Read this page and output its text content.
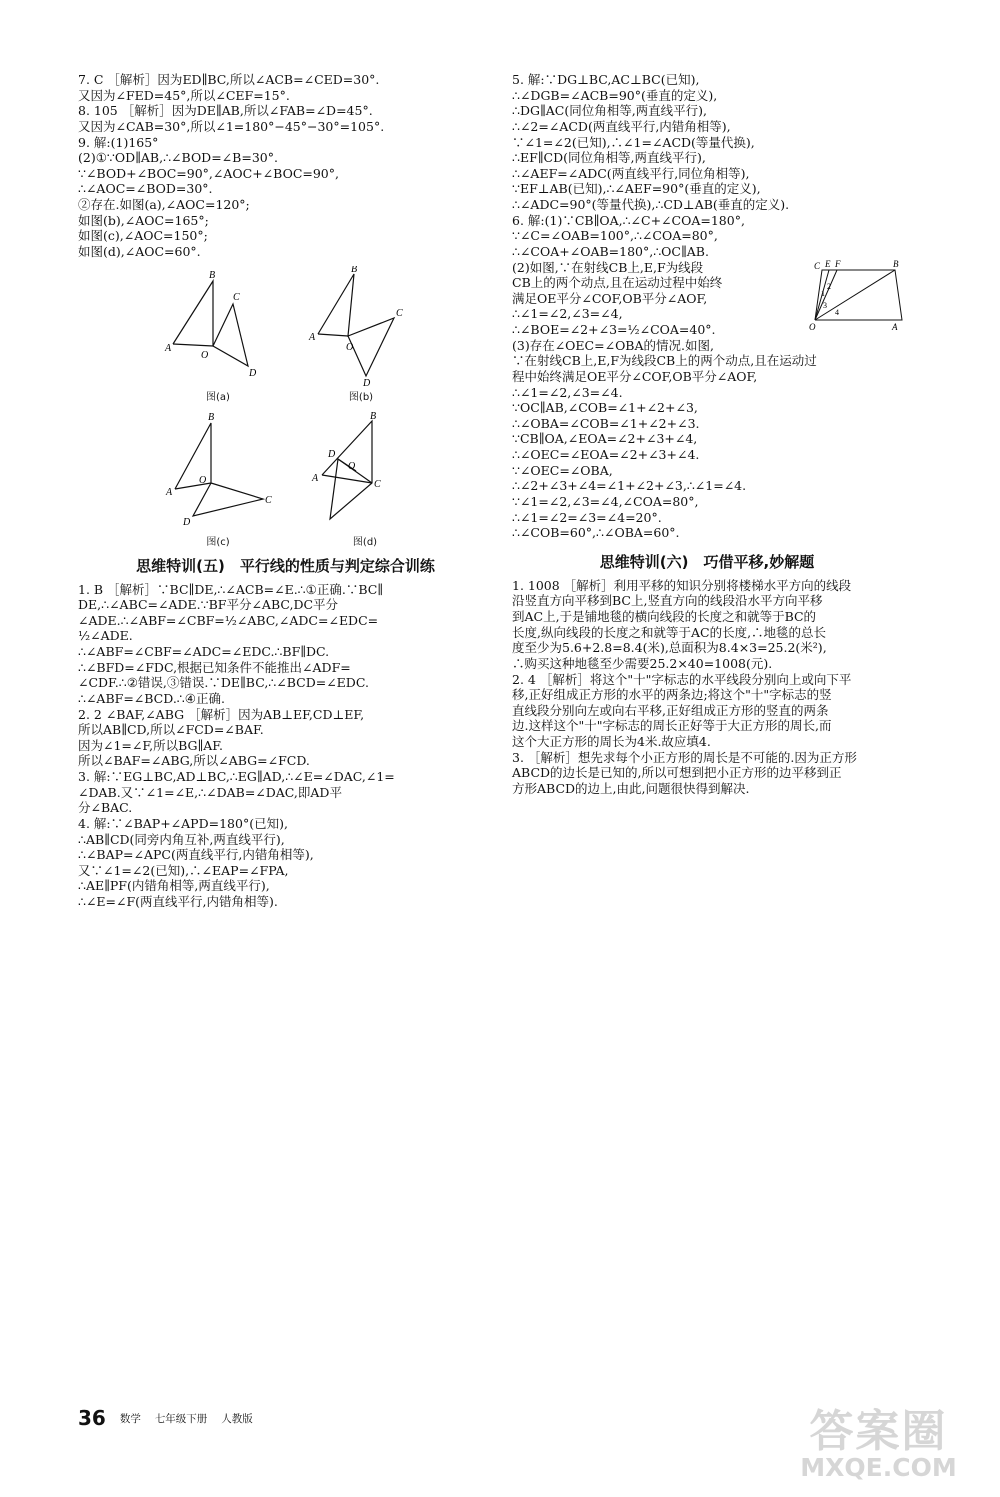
7. C ［解析］因为ED∥BC,所以∠ACB=∠CED=30°.

又因为∠FED=45°,所以∠CEF=15°.

8. 105 ［解析］因为DE∥AB,所以∠FAB=∠D=45°.

又因为∠CAB=30°,所以∠1=180°−45°−30°=105°.

9. 解:(1)165°

(2)①∵OD∥AB,∴∠BOD=∠B=30°.

∵∠BOD+∠BOC=90°,∠AOC+∠BOC=90°,

∴∠AOC=∠BOD=30°.

②存在.如图(a),∠AOC=120°;

如图(b),∠AOC=165°;

如图(c),∠AOC=150°;

如图(d),∠AOC=60°.

B
C
A
O
D
图(a)
B
C
A
O
D
图(b)
B
C
A
O
D
图(c)
B
C
A
O
D
图(d)
思维特训(五)　平行线的性质与判定综合训练

1. B ［解析］∵BC∥DE,∴∠ACB=∠E.∴①正确.∵BC∥

DE,∴∠ABC=∠ADE.∵BF平分∠ABC,DC平分

∠ADE.∴∠ABF=∠CBF=½∠ABC,∠ADC=∠EDC=

½∠ADE.

∴∠ABF=∠CBF=∠ADC=∠EDC.∴BF∥DC.

∴∠BFD=∠FDC,根据已知条件不能推出∠ADF=

∠CDF.∴②错误,③错误.∵DE∥BC,∴∠BCD=∠EDC.

∴∠ABF=∠BCD.∴④正确.

2. 2 ∠BAF,∠ABG ［解析］因为AB⊥EF,CD⊥EF,

所以AB∥CD,所以∠FCD=∠BAF.

因为∠1=∠F,所以BG∥AF.

所以∠BAF=∠ABG,所以∠ABG=∠FCD.

3. 解:∵EG⊥BC,AD⊥BC,∴EG∥AD,∴∠E=∠DAC,∠1=

∠DAB.又∵∠1=∠E,∴∠DAB=∠DAC,即AD平

分∠BAC.

4. 解:∵∠BAP+∠APD=180°(已知),

∴AB∥CD(同旁内角互补,两直线平行),

∴∠BAP=∠APC(两直线平行,内错角相等),

又∵∠1=∠2(已知),∴∠EAP=∠FPA,

∴AE∥PF(内错角相等,两直线平行),

∴∠E=∠F(两直线平行,内错角相等).

5. 解:∵DG⊥BC,AC⊥BC(已知),

∴∠DGB=∠ACB=90°(垂直的定义),

∴DG∥AC(同位角相等,两直线平行),

∴∠2=∠ACD(两直线平行,内错角相等),

∵∠1=∠2(已知),∴∠1=∠ACD(等量代换),

∴EF∥CD(同位角相等,两直线平行),

∴∠AEF=∠ADC(两直线平行,同位角相等),

∵EF⊥AB(已知),∴∠AEF=90°(垂直的定义),

∴∠ADC=90°(等量代换),∴CD⊥AB(垂直的定义).

6. 解:(1)∵CB∥OA,∴∠C+∠COA=180°,

∵∠C=∠OAB=100°,∴∠COA=80°,

∴∠COA+∠OAB=180°,∴OC∥AB.

(2)如图,∵在射线CB上,E,F为线段

CB上的两个动点,且在运动过程中始终

满足OE平分∠COF,OB平分∠AOF,

C E F	B
O	A
1
2
3
4

∴∠1=∠2,∠3=∠4,

∴∠BOE=∠2+∠3=½∠COA=40°.

(3)存在∠OEC=∠OBA的情况.如图,

∵在射线CB上,E,F为线段CB上的两个动点,且在运动过

程中始终满足OE平分∠COF,OB平分∠AOF,

∴∠1=∠2,∠3=∠4.

∵OC∥AB,∠COB=∠1+∠2+∠3,

∴∠OBA=∠COB=∠1+∠2+∠3.

∵CB∥OA,∠EOA=∠2+∠3+∠4,

∴∠OEC=∠EOA=∠2+∠3+∠4.

∵∠OEC=∠OBA,

∴∠2+∠3+∠4=∠1+∠2+∠3,∴∠1=∠4.

∵∠1=∠2,∠3=∠4,∠COA=80°,

∴∠1=∠2=∠3=∠4=20°.

∴∠COB=60°,∴∠OBA=60°.

思维特训(六)　巧借平移,妙解题

1. 1008 ［解析］利用平移的知识分别将楼梯水平方向的线段

沿竖直方向平移到BC上,竖直方向的线段沿水平方向平移

到AC上,于是铺地毯的横向线段的长度之和就等于BC的

长度,纵向线段的长度之和就等于AC的长度,∴地毯的总长

度至少为5.6+2.8=8.4(米),总面积为8.4×3=25.2(米²),

∴购买这种地毯至少需要25.2×40=1008(元).

2. 4 ［解析］将这个"十"字标志的水平线段分别向上或向下平

移,正好组成正方形的水平的两条边;将这个"十"字标志的竖

直线段分别向左或向右平移,正好组成正方形的竖直的两条

边.这样这个"十"字标志的周长正好等于大正方形的周长,而

这个大正方形的周长为4米.故应填4.

3. ［解析］想先求每个小正方形的周长是不可能的.因为正方形

ABCD的边长是已知的,所以可想到把小正方形的边平移到正

方形ABCD的边上,由此,问题很快得到解决.

36 数学 七年级下册 人教版	答案圈
MXQE.COM
